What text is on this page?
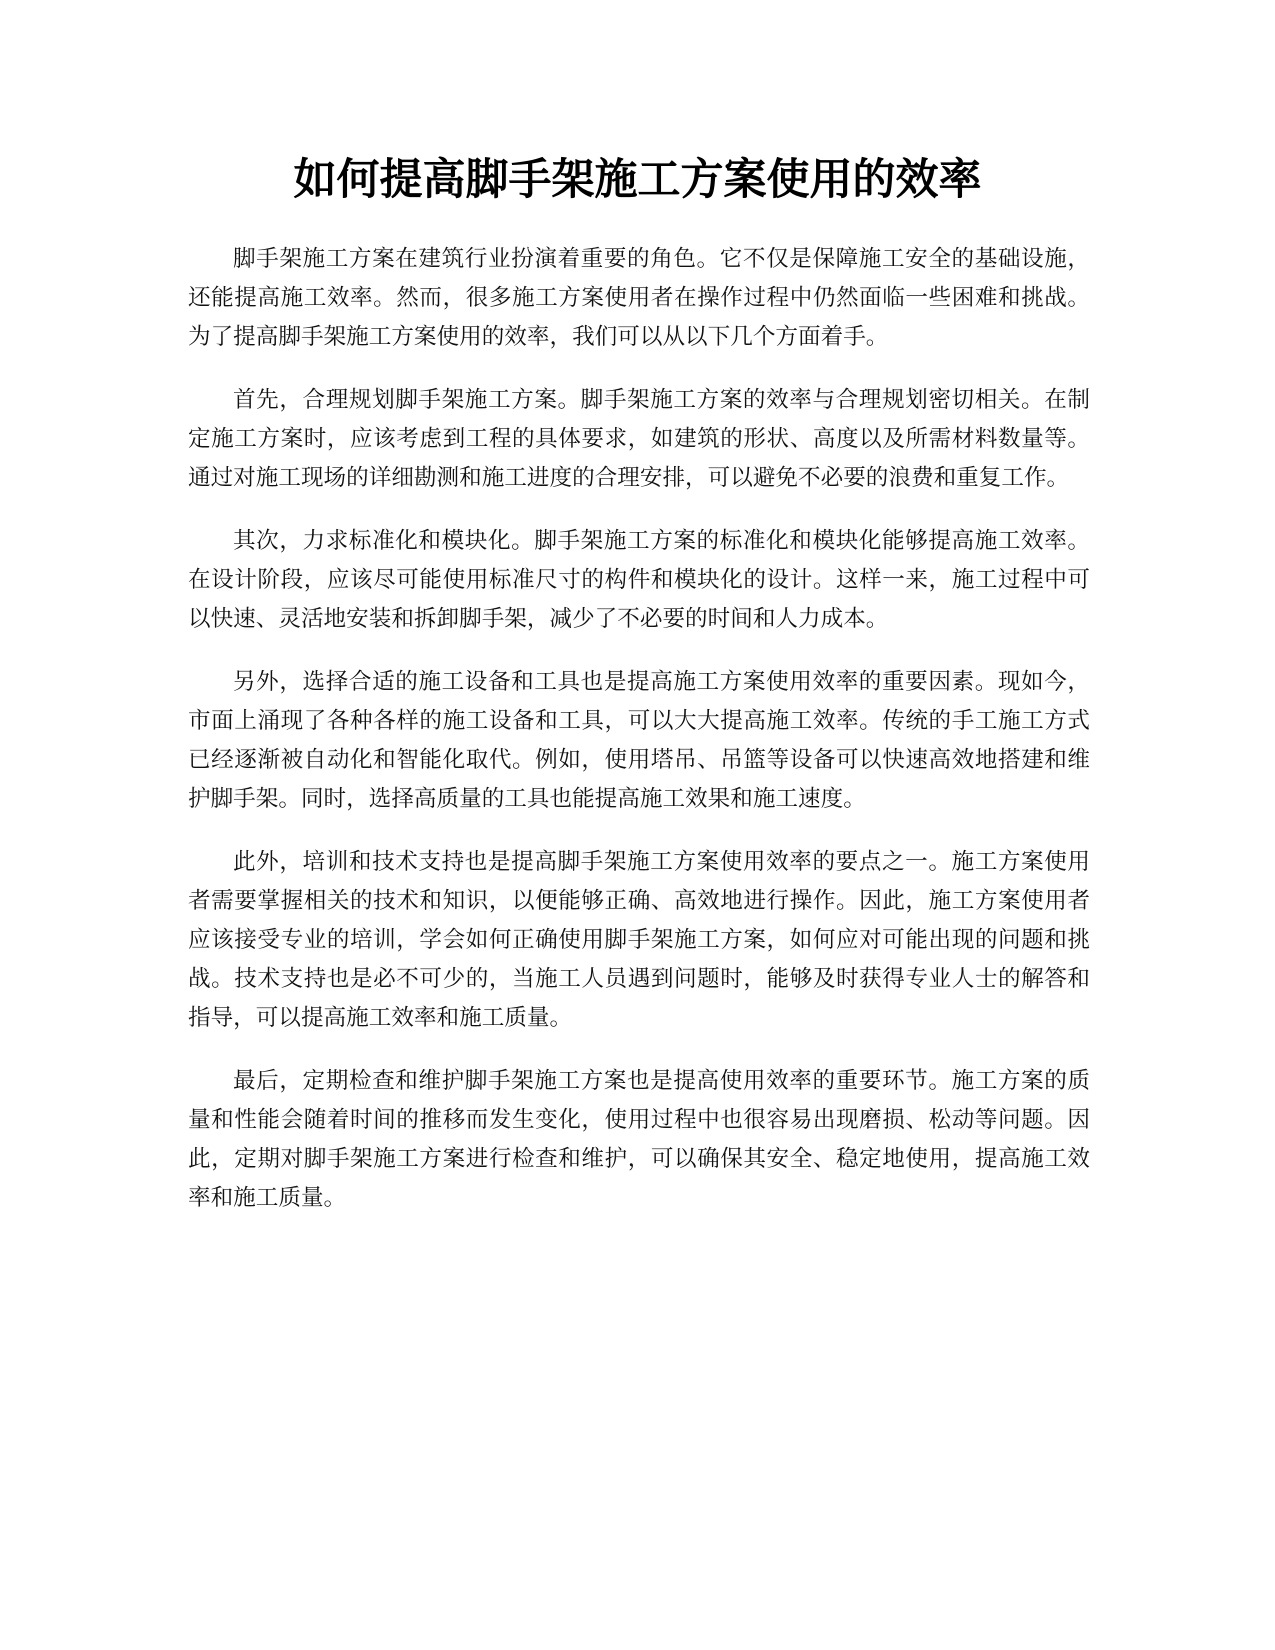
如何提高脚手架施工方案使用的效率

脚手架施工方案在建筑行业扮演着重要的角色。它不仅是保障施工安全的基础设施，还能提高施工效率。然而，很多施工方案使用者在操作过程中仍然面临一些困难和挑战。为了提高脚手架施工方案使用的效率，我们可以从以下几个方面着手。

首先，合理规划脚手架施工方案。脚手架施工方案的效率与合理规划密切相关。在制定施工方案时，应该考虑到工程的具体要求，如建筑的形状、高度以及所需材料数量等。通过对施工现场的详细勘测和施工进度的合理安排，可以避免不必要的浪费和重复工作。

其次，力求标准化和模块化。脚手架施工方案的标准化和模块化能够提高施工效率。在设计阶段，应该尽可能使用标准尺寸的构件和模块化的设计。这样一来，施工过程中可以快速、灵活地安装和拆卸脚手架，减少了不必要的时间和人力成本。

另外，选择合适的施工设备和工具也是提高施工方案使用效率的重要因素。现如今，市面上涌现了各种各样的施工设备和工具，可以大大提高施工效率。传统的手工施工方式已经逐渐被自动化和智能化取代。例如，使用塔吊、吊篮等设备可以快速高效地搭建和维护脚手架。同时，选择高质量的工具也能提高施工效果和施工速度。

此外，培训和技术支持也是提高脚手架施工方案使用效率的要点之一。施工方案使用者需要掌握相关的技术和知识，以便能够正确、高效地进行操作。因此，施工方案使用者应该接受专业的培训，学会如何正确使用脚手架施工方案，如何应对可能出现的问题和挑战。技术支持也是必不可少的，当施工人员遇到问题时，能够及时获得专业人士的解答和指导，可以提高施工效率和施工质量。

最后，定期检查和维护脚手架施工方案也是提高使用效率的重要环节。施工方案的质量和性能会随着时间的推移而发生变化，使用过程中也很容易出现磨损、松动等问题。因此，定期对脚手架施工方案进行检查和维护，可以确保其安全、稳定地使用，提高施工效率和施工质量。
